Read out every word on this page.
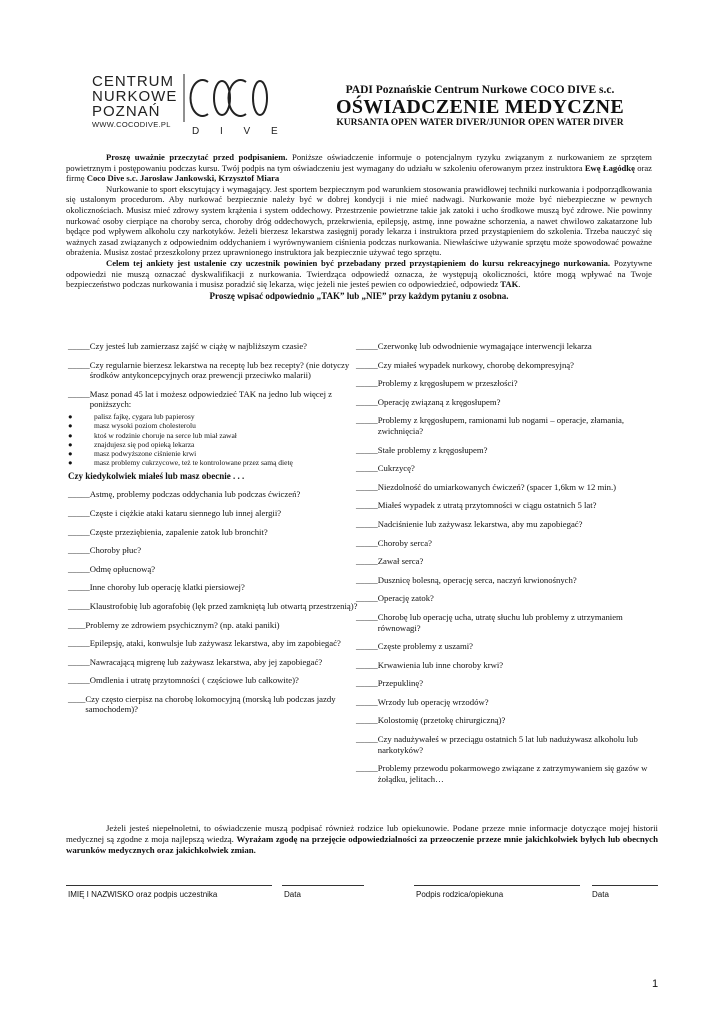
CENTRUM
NURKOWE
POZNAŃ
WWW.COCODIVE.PL
D I V E
PADI Poznańskie Centrum Nurkowe COCO DIVE s.c.
OŚWIADCZENIE MEDYCZNE
KURSANTA OPEN WATER DIVER/JUNIOR OPEN WATER DIVER

Proszę uważnie przeczytać przed podpisaniem. Poniższe oświadczenie informuje o potencjalnym ryzyku związanym z nurkowaniem ze sprzętem powietrznym i postępowaniu podczas kursu. Twój podpis na tym oświadczeniu jest wymagany do udziału w szkoleniu oferowanym przez instruktora Ewę Łagódkę oraz firmę Coco Dive s.c. Jarosław Jankowski, Krzysztof Miara

Nurkowanie to sport ekscytujący i wymagający. Jest sportem bezpiecznym pod warunkiem stosowania prawidłowej techniki nurkowania i podporządkowania się ustalonym procedurom. Aby nurkować bezpiecznie należy być w dobrej kondycji i nie mieć nadwagi. Nurkowanie może być niebezpieczne w pewnych okolicznościach. Musisz mieć zdrowy system krążenia i system oddechowy. Przestrzenie powietrzne takie jak zatoki i ucho środkowe muszą być zdrowe. Nie powinny nurkować osoby cierpiące na choroby serca, choroby dróg oddechowych, przekrwienia, epilepsję, astmę, inne poważne schorzenia, a nawet chwilowo zakatarzone lub będące pod wpływem alkoholu czy narkotyków. Jeżeli bierzesz lekarstwa zasięgnij porady lekarza i instruktora przed przystąpieniem do szkolenia. Trzeba nauczyć się ważnych zasad związanych z odpowiednim oddychaniem i wyrównywaniem ciśnienia podczas nurkowania. Niewłaściwe używanie sprzętu może spowodować poważne obrażenia. Musisz zostać przeszkolony przez uprawnionego instruktora jak bezpiecznie używać tego sprzętu.

Celem tej ankiety jest ustalenie czy uczestnik powinien być przebadany przed przystąpieniem do kursu rekreacyjnego nurkowania. Pozytywne odpowiedzi nie muszą oznaczać dyskwalifikacji z nurkowania. Twierdząca odpowiedź oznacza, że występują okoliczności, które mogą wpływać na Twoje bezpieczeństwo podczas nurkowania i musisz poradzić się lekarza, więc jeżeli nie jesteś pewien co odpowiedzieć, odpowiedz TAK.

Proszę wpisać odpowiednio „TAK” lub „NIE” przy każdym pytaniu z osobna.

_____ Czy jesteś lub zamierzasz zajść w ciążę w najbliższym czasie?
_____ Czy regularnie bierzesz lekarstwa na receptę lub bez recepty? (nie dotyczy środków antykoncepcyjnych oraz prewencji przeciwko malarii)
_____ Masz ponad 45 lat i możesz odpowiedzieć TAK na jedno lub więcej z poniższych:
●	palisz fajkę, cygara lub papierosy
●	masz wysoki poziom cholesterolu
●	ktoś w rodzinie choruje na serce lub miał zawał
●	znajdujesz się pod opieką lekarza
●	masz podwyższone ciśnienie krwi
●	masz problemy cukrzycowe, też te kontrolowane przez samą dietę
Czy kiedykolwiek miałeś lub masz obecnie . . .
_____ Astmę, problemy podczas oddychania lub podczas ćwiczeń?
_____ Częste i ciężkie ataki kataru siennego lub innej alergii?
_____ Częste przeziębienia, zapalenie zatok lub bronchit?
_____ Choroby płuc?
_____ Odmę opłucnową?
_____ Inne choroby lub operację klatki piersiowej?
_____ Klaustrofobię lub agorafobię (lęk przed zamkniętą lub otwartą przestrzenią)?
____ Problemy ze zdrowiem psychicznym? (np. ataki paniki)
_____ Epilepsję, ataki, konwulsje lub zażywasz lekarstwa, aby im zapobiegać?
_____ Nawracającą migrenę lub zażywasz lekarstwa, aby jej zapobiegać?
_____ Omdlenia i utratę przytomności ( częściowe lub całkowite)?
____ Czy często cierpisz na chorobę lokomocyjną (morską lub podczas jazdy samochodem)?
_____ Czerwonkę lub odwodnienie wymagające interwencji lekarza
_____ Czy miałeś wypadek nurkowy, chorobę dekompresyjną?
_____ Problemy z kręgosłupem w przeszłości?
_____ Operację związaną z kręgosłupem?
_____ Problemy z kręgosłupem, ramionami lub nogami – operacje, złamania, zwichnięcia?
_____ Stałe problemy z kręgosłupem?
_____ Cukrzycę?
_____ Niezdolność do umiarkowanych ćwiczeń? (spacer 1,6km w 12 min.)
_____ Miałeś wypadek z utratą przytomności w ciągu ostatnich 5 lat?
_____ Nadciśnienie lub zażywasz lekarstwa, aby mu zapobiegać?
_____ Choroby serca?
_____ Zawał serca?
_____ Dusznicę bolesną, operację serca, naczyń krwionośnych?
_____ Operację zatok?
_____ Chorobę lub operację ucha, utratę słuchu lub problemy z utrzymaniem równowagi?
_____ Częste problemy z uszami?
_____ Krwawienia lub inne choroby krwi?
_____ Przepuklinę?
_____ Wrzody lub operację wrzodów?
_____ Kolostomię (przetokę chirurgiczną)?
_____ Czy nadużywałeś w przeciągu ostatnich 5 lat lub nadużywasz alkoholu lub narkotyków?
_____ Problemy przewodu pokarmowego związane z zatrzymywaniem się gazów w żołądku, jelitach…
Jeżeli jesteś niepełnoletni, to oświadczenie muszą podpisać również rodzice lub opiekunowie. Podane przeze mnie informacje dotyczące mojej historii medycznej są zgodne z moja najlepszą wiedzą. Wyrażam zgodę na przejęcie odpowiedzialności za przeoczenie przeze mnie jakichkolwiek byłych lub obecnych warunków medycznych oraz jakichkolwiek zmian.
IMIĘ I NAZWISKO oraz podpis uczestnika	Data	Podpis rodzica/opiekuna	Data
1
